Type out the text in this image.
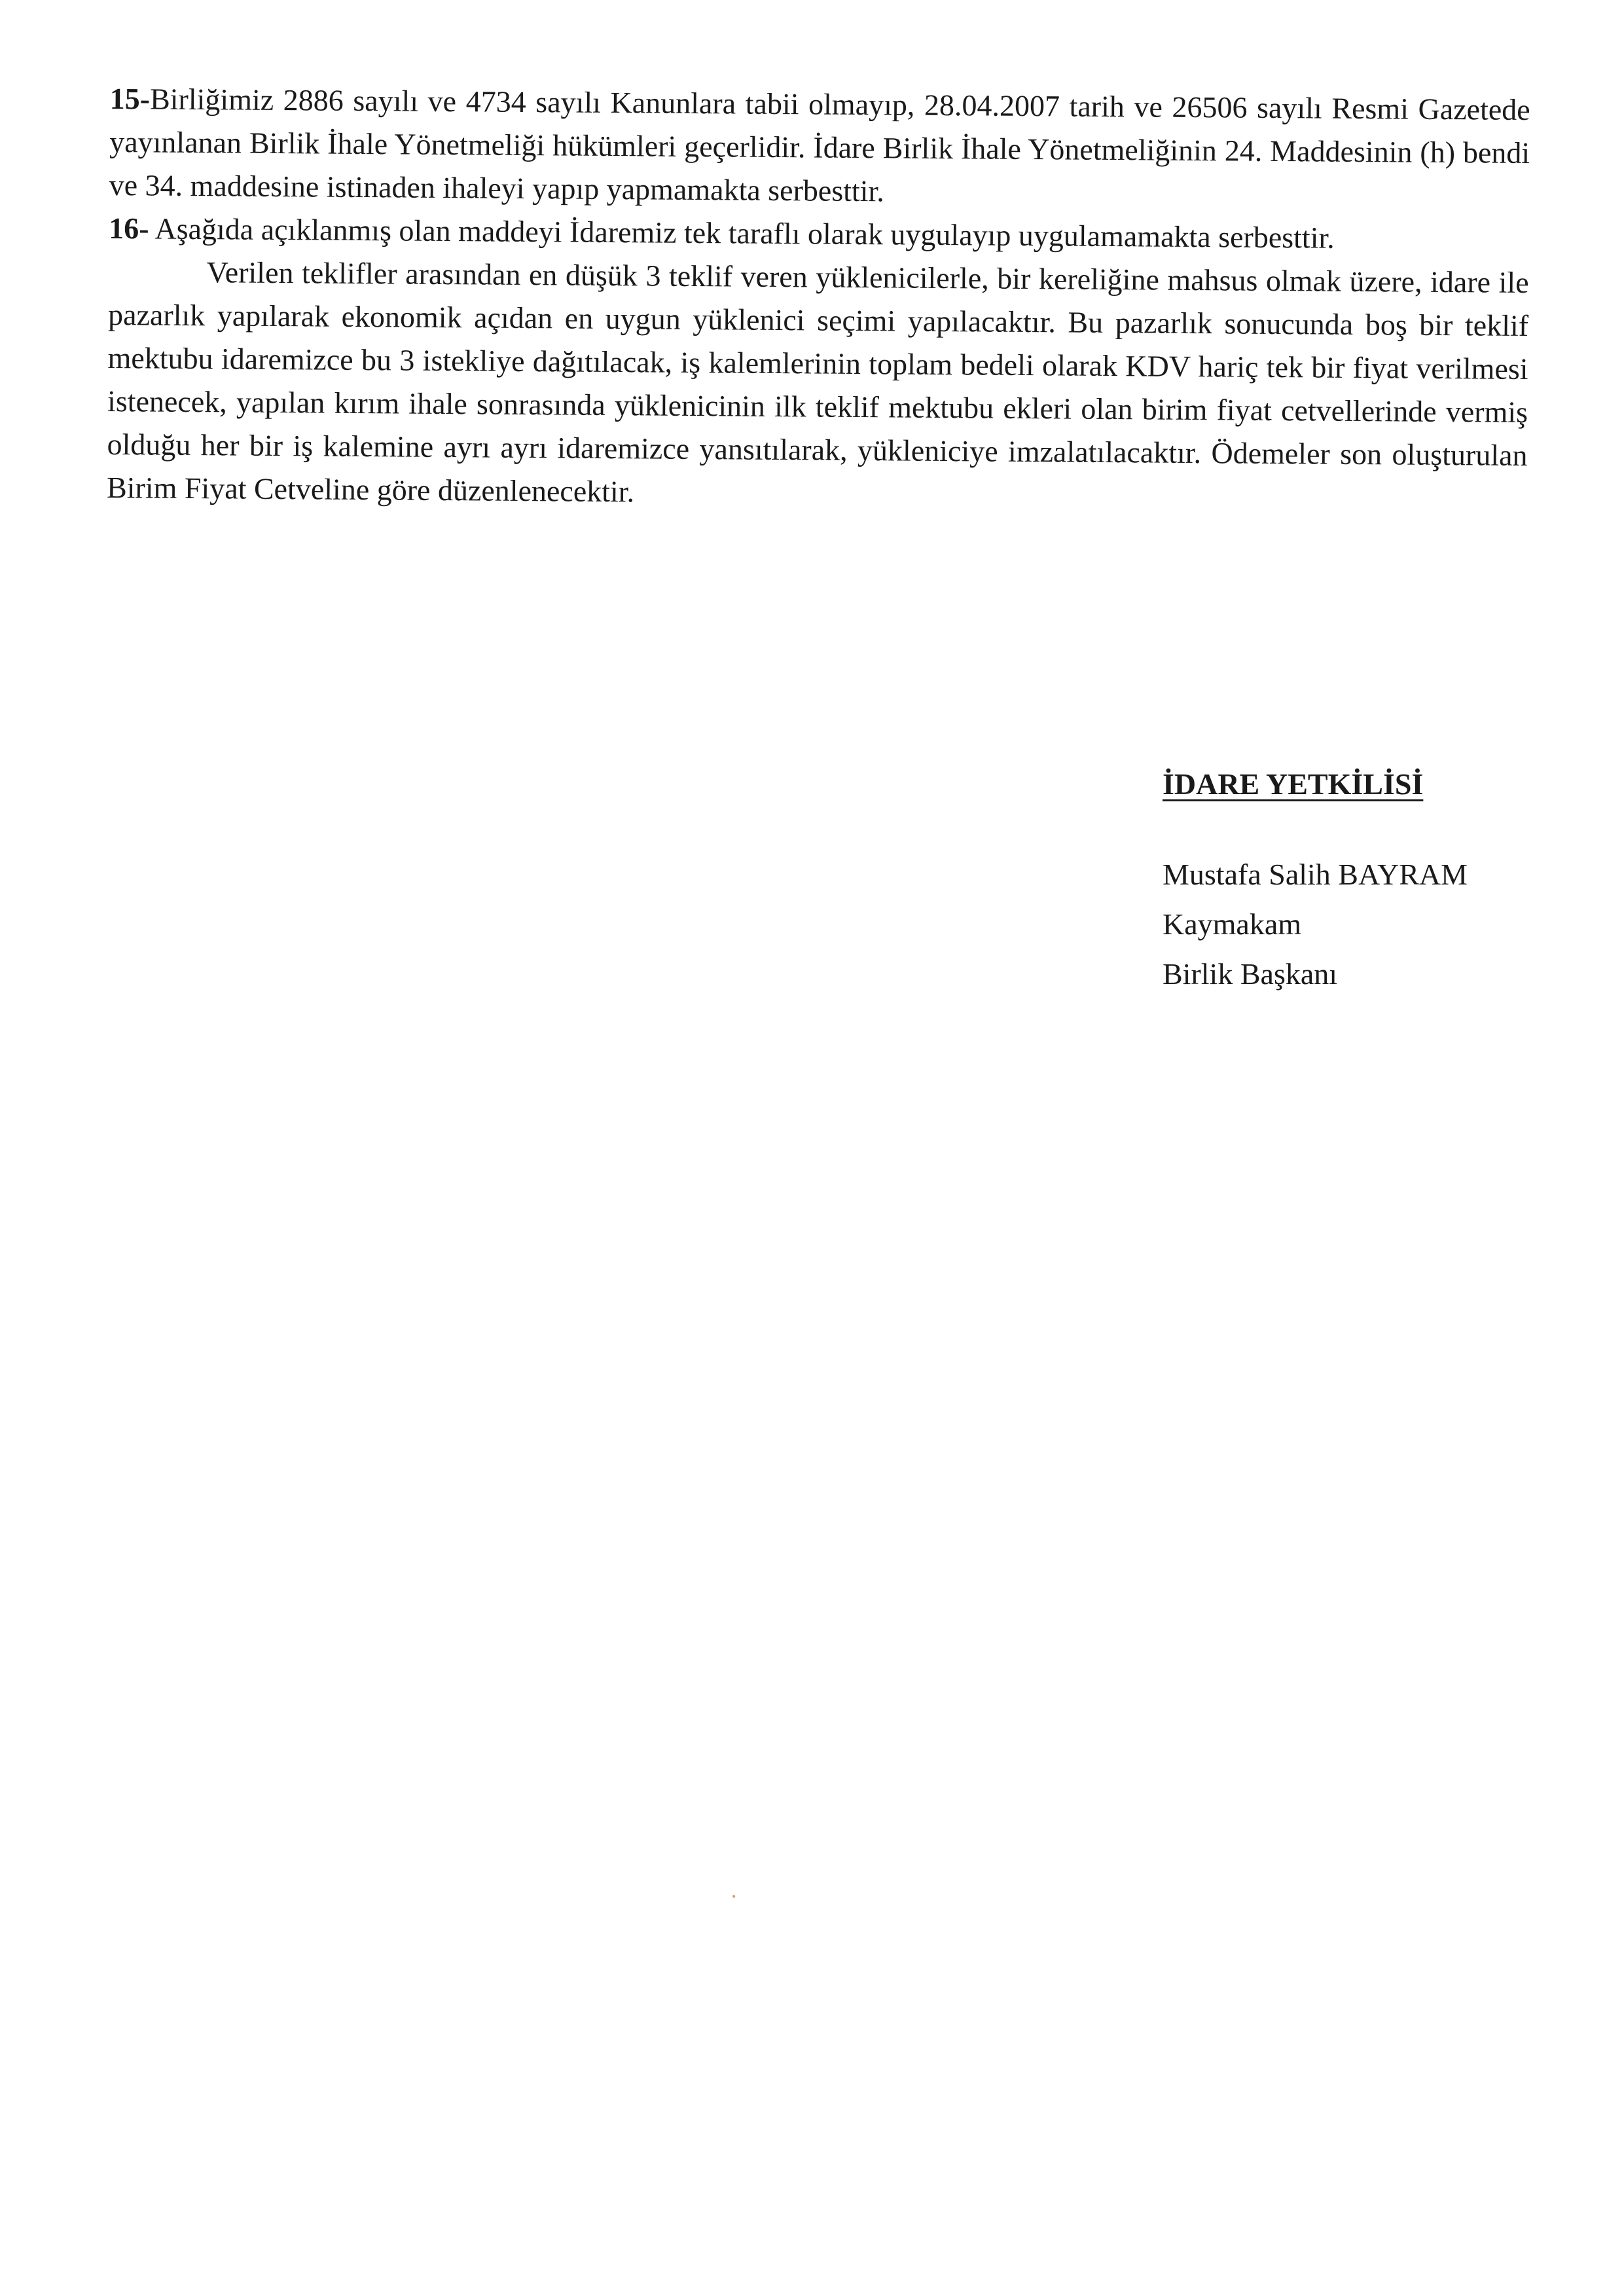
15-Birliğimiz 2886 sayılı ve 4734 sayılı Kanunlara tabii olmayıp, 28.04.2007 tarih ve 26506 sayılı Resmi Gazetede yayınlanan Birlik İhale Yönetmeliği hükümleri geçerlidir. İdare Birlik İhale Yönetmeliğinin 24. Maddesinin (h) bendi ve 34. maddesine istinaden ihaleyi yapıp yapmamakta serbesttir.

16- Aşağıda açıklanmış olan maddeyi İdaremiz tek taraflı olarak uygulayıp uygulamamakta serbesttir.

Verilen teklifler arasından en düşük 3 teklif veren yüklenicilerle, bir kereliğine mahsus olmak üzere, idare ile pazarlık yapılarak ekonomik açıdan en uygun yüklenici seçimi yapılacaktır. Bu pazarlık sonucunda boş bir teklif mektubu idaremizce bu 3 istekliye dağıtılacak, iş kalemlerinin toplam bedeli olarak KDV hariç tek bir fiyat verilmesi istenecek, yapılan kırım ihale sonrasında yüklenicinin ilk teklif mektubu ekleri olan birim fiyat cetvellerinde vermiş olduğu her bir iş kalemine ayrı ayrı idaremizce yansıtılarak, yükleniciye imzalatılacaktır. Ödemeler son oluşturulan Birim Fiyat Cetveline göre düzenlenecektir.

İDARE YETKİLİSİ

Mustafa Salih BAYRAM

Kaymakam

Birlik Başkanı

•
